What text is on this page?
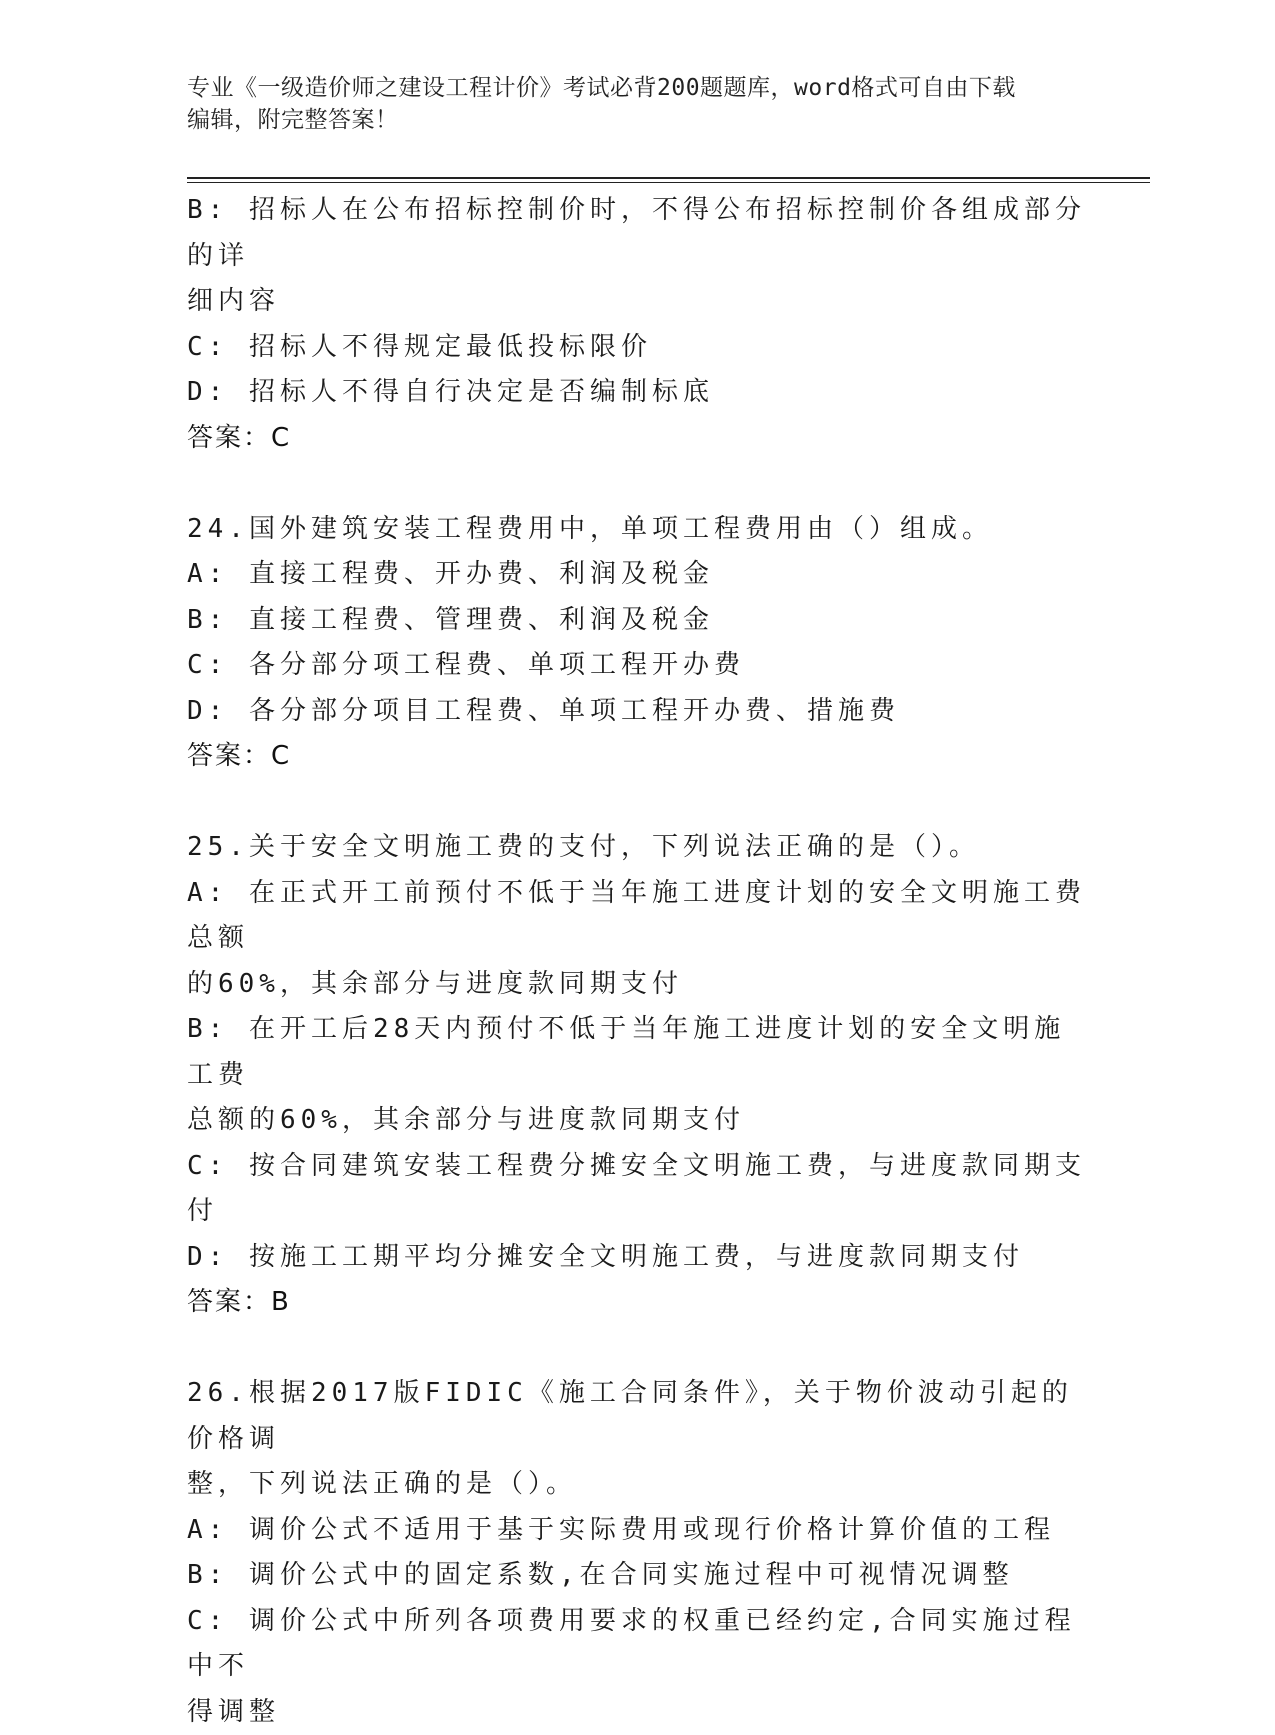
专业《一级造价师之建设工程计价》考试必背200题题库，word格式可自由下载
编辑，附完整答案！
B: 招标人在公布招标控制价时，不得公布招标控制价各组成部分的详
细内容
C: 招标人不得规定最低投标限价
D: 招标人不得自行决定是否编制标底
答案：C
24.国外建筑安装工程费用中，单项工程费用由（）组成。
A: 直接工程费、开办费、利润及税金
B: 直接工程费、管理费、利润及税金
C: 各分部分项工程费、单项工程开办费
D: 各分部分项目工程费、单项工程开办费、措施费
答案：C
25.关于安全文明施工费的支付，下列说法正确的是（）。
A: 在正式开工前预付不低于当年施工进度计划的安全文明施工费总额
的60%，其余部分与进度款同期支付
B: 在开工后28天内预付不低于当年施工进度计划的安全文明施工费
总额的60%，其余部分与进度款同期支付
C: 按合同建筑安装工程费分摊安全文明施工费，与进度款同期支付
D: 按施工工期平均分摊安全文明施工费，与进度款同期支付
答案：B
26.根据2017版FIDIC《施工合同条件》，关于物价波动引起的价格调
整，下列说法正确的是（）。
A: 调价公式不适用于基于实际费用或现行价格计算价值的工程
B: 调价公式中的固定系数,在合同实施过程中可视情况调整
C: 调价公式中所列各项费用要求的权重已经约定,合同实施过程中不
得调整
